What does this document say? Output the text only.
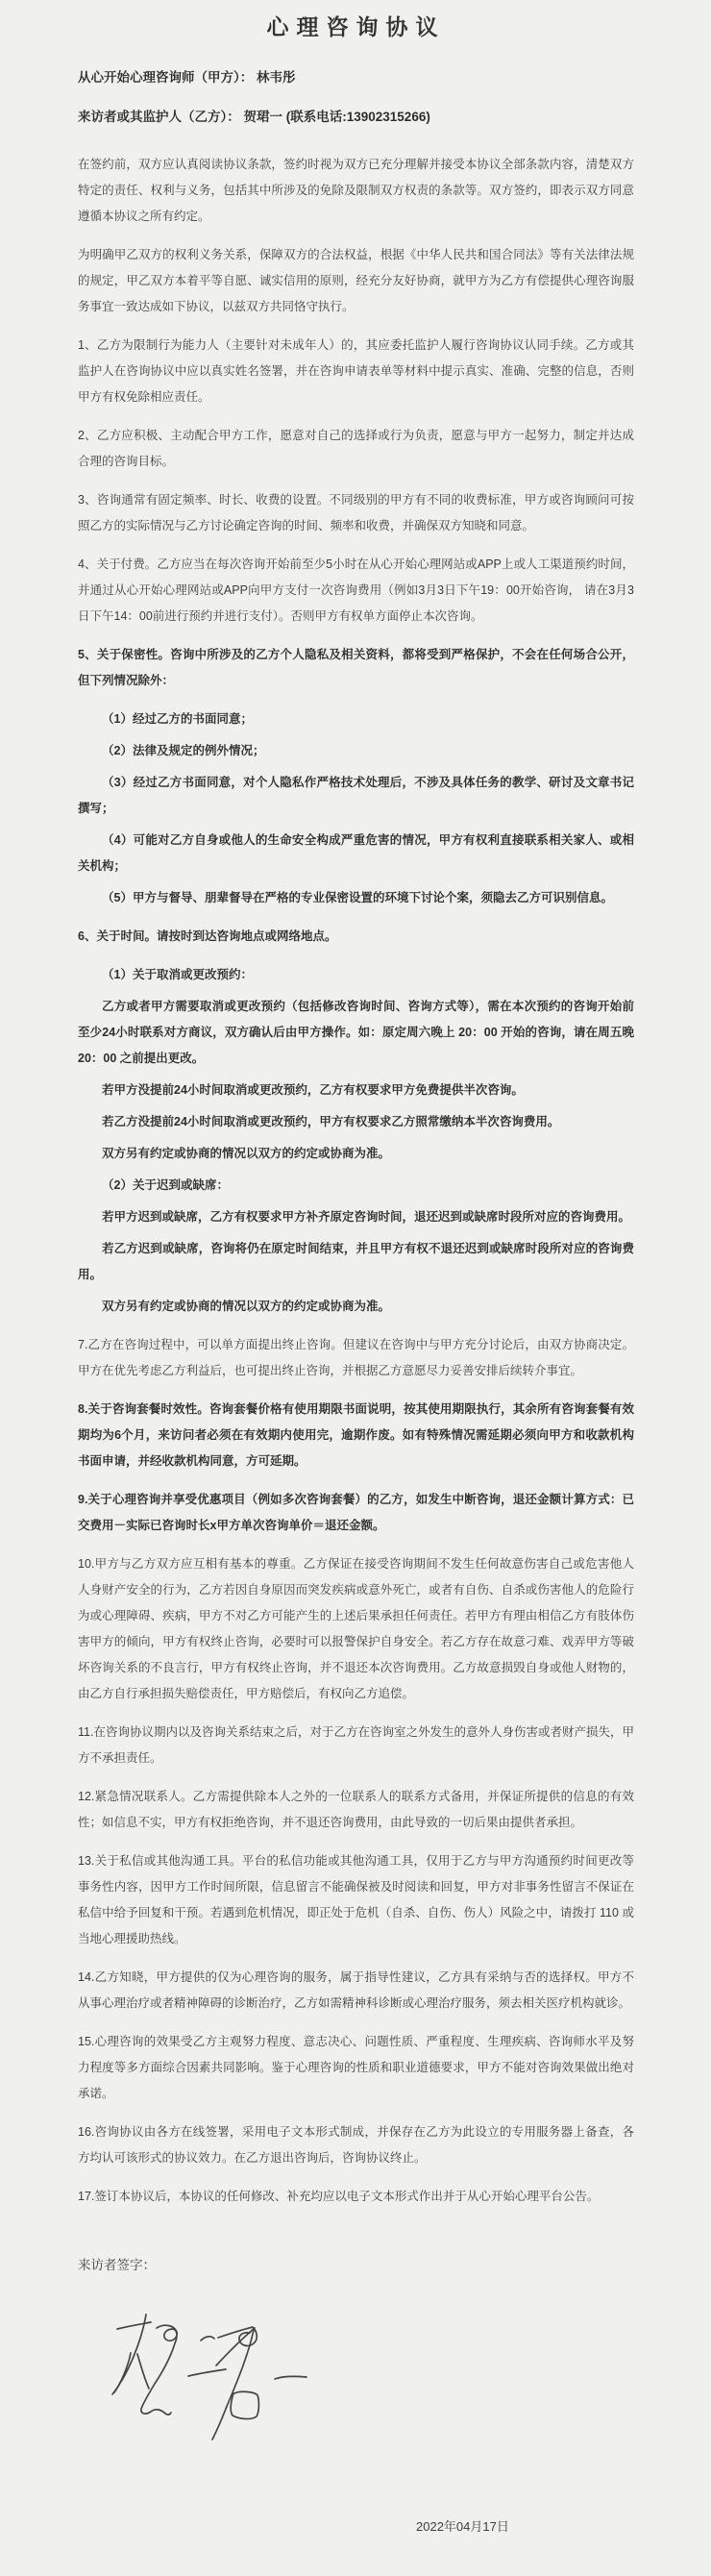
心理咨询协议

从心开始心理咨询师（甲方）： 林韦彤

来访者或其监护人（乙方）： 贺珺一 (联系电话:13902315266)

在签约前，双方应认真阅读协议条款，签约时视为双方已充分理解并接受本协议全部条款内容，清楚双方特定的责任、权利与义务，包括其中所涉及的免除及限制双方权责的条款等。双方签约，即表示双方同意遵循本协议之所有约定。

为明确甲乙双方的权利义务关系，保障双方的合法权益，根据《中华人民共和国合同法》等有关法律法规的规定，甲乙双方本着平等自愿、诚实信用的原则，经充分友好协商，就甲方为乙方有偿提供心理咨询服务事宜一致达成如下协议，以兹双方共同恪守执行。

1、乙方为限制行为能力人（主要针对未成年人）的，其应委托监护人履行咨询协议认同手续。乙方或其监护人在咨询协议中应以真实姓名签署，并在咨询申请表单等材料中提示真实、准确、完整的信息，否则甲方有权免除相应责任。

2、乙方应积极、主动配合甲方工作，愿意对自己的选择或行为负责，愿意与甲方一起努力，制定并达成合理的咨询目标。

3、咨询通常有固定频率、时长、收费的设置。不同级别的甲方有不同的收费标准，甲方或咨询顾问可按照乙方的实际情况与乙方讨论确定咨询的时间、频率和收费，并确保双方知晓和同意。

4、关于付费。乙方应当在每次咨询开始前至少5小时在从心开始心理网站或APP上或人工渠道预约时间，并通过从心开始心理网站或APP向甲方支付一次咨询费用（例如3月3日下午19：00开始咨询， 请在3月3日下午14：00前进行预约并进行支付）。否则甲方有权单方面停止本次咨询。

5、关于保密性。咨询中所涉及的乙方个人隐私及相关资料，都将受到严格保护，不会在任何场合公开，但下列情况除外：

（1）经过乙方的书面同意；

（2）法律及规定的例外情况；

（3）经过乙方书面同意，对个人隐私作严格技术处理后，不涉及具体任务的教学、研讨及文章书记撰写；

（4）可能对乙方自身或他人的生命安全构成严重危害的情况，甲方有权利直接联系相关家人、或相关机构；

（5）甲方与督导、朋辈督导在严格的专业保密设置的环境下讨论个案，须隐去乙方可识别信息。

6、关于时间。请按时到达咨询地点或网络地点。

（1）关于取消或更改预约：

乙方或者甲方需要取消或更改预约（包括修改咨询时间、咨询方式等），需在本次预约的咨询开始前至少24小时联系对方商议，双方确认后由甲方操作。如：原定周六晚上 20：00 开始的咨询，请在周五晚 20：00 之前提出更改。

若甲方没提前24小时间取消或更改预约，乙方有权要求甲方免费提供半次咨询。

若乙方没提前24小时间取消或更改预约，甲方有权要求乙方照常缴纳本半次咨询费用。

双方另有约定或协商的情况以双方的约定或协商为准。

（2）关于迟到或缺席：

若甲方迟到或缺席，乙方有权要求甲方补齐原定咨询时间，退还迟到或缺席时段所对应的咨询费用。

若乙方迟到或缺席，咨询将仍在原定时间结束，并且甲方有权不退还迟到或缺席时段所对应的咨询费用。

双方另有约定或协商的情况以双方的约定或协商为准。

7.乙方在咨询过程中，可以单方面提出终止咨询。但建议在咨询中与甲方充分讨论后，由双方协商决定。甲方在优先考虑乙方利益后，也可提出终止咨询，并根据乙方意愿尽力妥善安排后续转介事宜。

8.关于咨询套餐时效性。咨询套餐价格有使用期限书面说明，按其使用期限执行，其余所有咨询套餐有效期均为6个月，来访问者必须在有效期内使用完，逾期作废。如有特殊情况需延期必须向甲方和收款机构书面申请，并经收款机构同意，方可延期。

9.关于心理咨询并享受优惠项目（例如多次咨询套餐）的乙方，如发生中断咨询，退还金额计算方式：已交费用－实际已咨询时长x甲方单次咨询单价＝退还金额。

10.甲方与乙方双方应互相有基本的尊重。乙方保证在接受咨询期间不发生任何故意伤害自己或危害他人人身财产安全的行为，乙方若因自身原因而突发疾病或意外死亡，或者有自伤、自杀或伤害他人的危险行为或心理障碍、疾病，甲方不对乙方可能产生的上述后果承担任何责任。若甲方有理由相信乙方有肢体伤害甲方的倾向，甲方有权终止咨询，必要时可以报警保护自身安全。若乙方存在故意刁难、戏弄甲方等破坏咨询关系的不良言行，甲方有权终止咨询，并不退还本次咨询费用。乙方故意损毁自身或他人财物的，由乙方自行承担损失赔偿责任，甲方赔偿后，有权向乙方追偿。

11.在咨询协议期内以及咨询关系结束之后，对于乙方在咨询室之外发生的意外人身伤害或者财产损失，甲方不承担责任。

12.紧急情况联系人。乙方需提供除本人之外的一位联系人的联系方式备用，并保证所提供的信息的有效性；如信息不实，甲方有权拒绝咨询，并不退还咨询费用，由此导致的一切后果由提供者承担。

13.关于私信或其他沟通工具。平台的私信功能或其他沟通工具，仅用于乙方与甲方沟通预约时间更改等事务性内容，因甲方工作时间所限，信息留言不能确保被及时阅读和回复，甲方对非事务性留言不保证在私信中给予回复和干预。若遇到危机情况，即正处于危机（自杀、自伤、伤人）风险之中，请拨打 110 或当地心理援助热线。

14.乙方知晓，甲方提供的仅为心理咨询的服务，属于指导性建议，乙方具有采纳与否的选择权。甲方不从事心理治疗或者精神障碍的诊断治疗，乙方如需精神科诊断或心理治疗服务，须去相关医疗机构就诊。

15.心理咨询的效果受乙方主观努力程度、意志决心、问题性质、严重程度、生理疾病、咨询师水平及努力程度等多方面综合因素共同影响。鉴于心理咨询的性质和职业道德要求，甲方不能对咨询效果做出绝对承诺。

16.咨询协议由各方在线签署，采用电子文本形式制成，并保存在乙方为此设立的专用服务器上备查，各方均认可该形式的协议效力。在乙方退出咨询后，咨询协议终止。

17.签订本协议后，本协议的任何修改、补充均应以电子文本形式作出并于从心开始心理平台公告。

来访者签字：

2022年04月17日
